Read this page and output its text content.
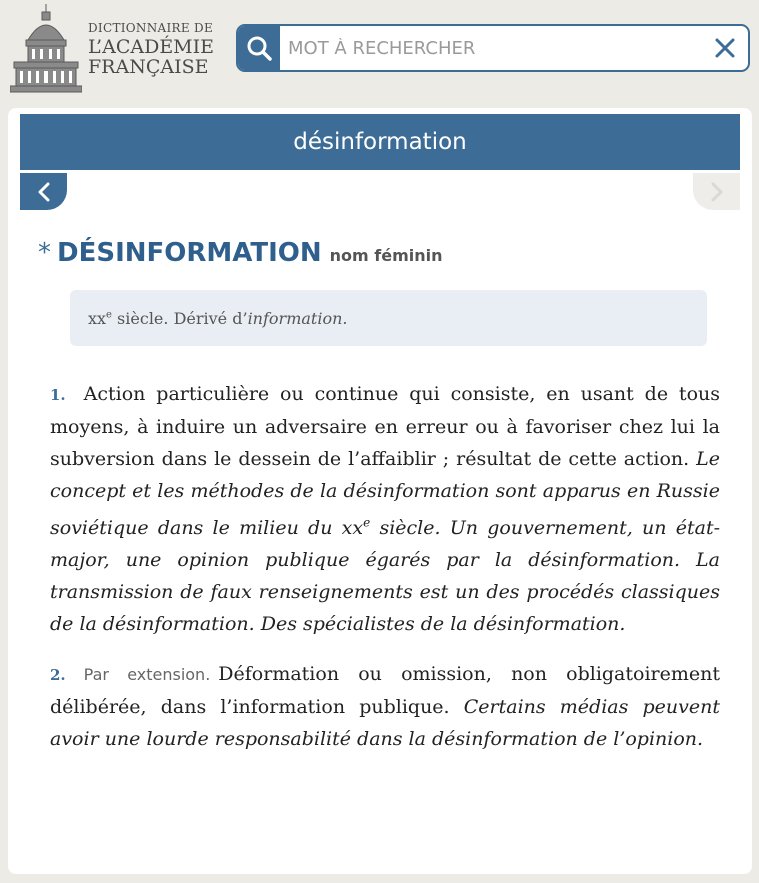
DICTIONNAIRE DE
L’ACADÉMIE
FRANÇAISE
MOT À RECHERCHER
désinformation
* DÉSINFORMATION nom féminin
$xx^e$ siècle. Dérivé d’information.
1. Action particulière ou continue qui consiste, en usant de tous moyens, à induire un adversaire en erreur ou à favoriser chez lui la subversion dans le dessein de l’affaiblir ; résultat de cette action. Le concept et les méthodes de la désinformation sont apparus en Russie soviétique dans le milieu du $xx^e$ siècle. Un gouvernement, un état-major, une opinion publique égarés par la désinformation. La transmission de faux renseignements est un des procédés classiques de la désinformation. Des spécialistes de la désinformation.
2. Par extension. Déformation ou omission, non obligatoirement délibérée, dans l’information publique. Certains médias peuvent avoir une lourde responsabilité dans la désinformation de l’opinion.
